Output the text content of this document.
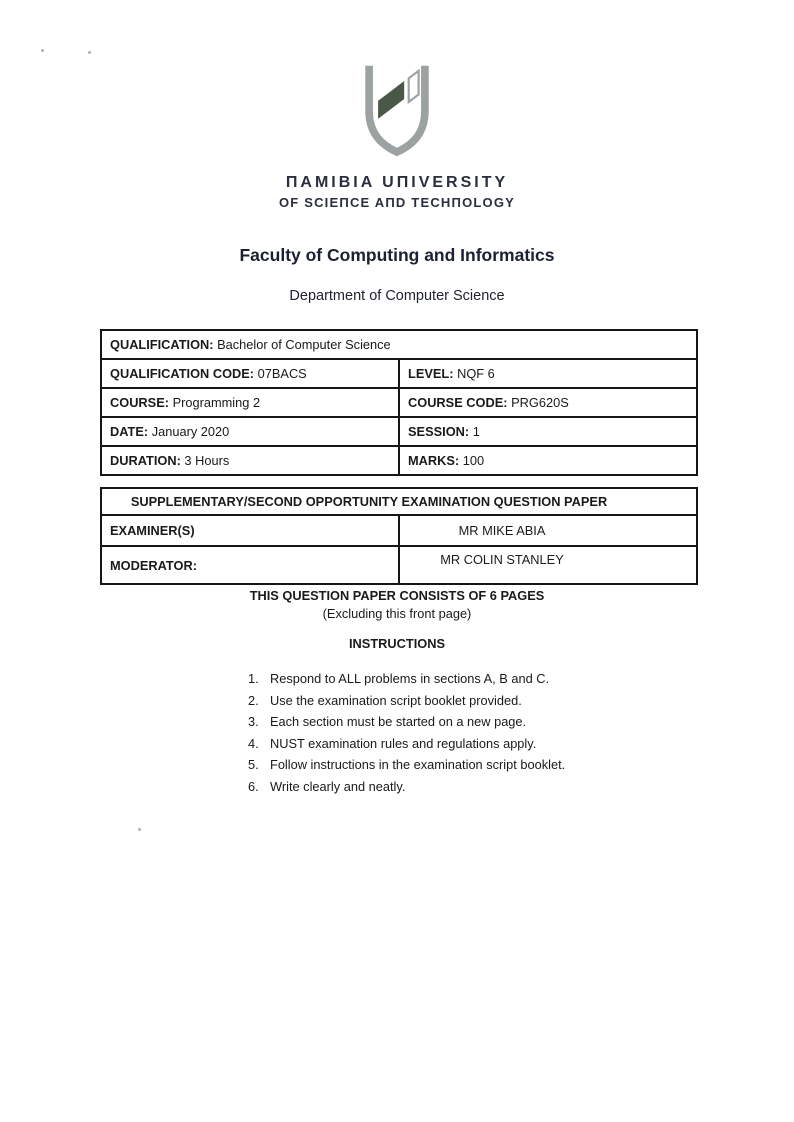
ΠAMIBIA UΠIVERSITY
OF SCIEΠCE AΠD TECHΠOLOGY
Faculty of Computing and Informatics
Department of Computer Science
QUALIFICATION: Bachelor of Computer Science	
QUALIFICATION CODE: 07BACS	LEVEL: NQF 6
COURSE: Programming 2	COURSE CODE: PRG620S
DATE: January 2020	SESSION: 1
DURATION: 3 Hours	MARKS: 100
SUPPLEMENTARY/SECOND OPPORTUNITY EXAMINATION QUESTION PAPER	
EXAMINER(S)	MR MIKE ABIA
MODERATOR:	MR COLIN STANLEY
THIS QUESTION PAPER CONSISTS OF 6 PAGES
(Excluding this front page)
INSTRUCTIONS
1. Respond to ALL problems in sections A, B and C.
2. Use the examination script booklet provided.
3. Each section must be started on a new page.
4. NUST examination rules and regulations apply.
5. Follow instructions in the examination script booklet.
6. Write clearly and neatly.
